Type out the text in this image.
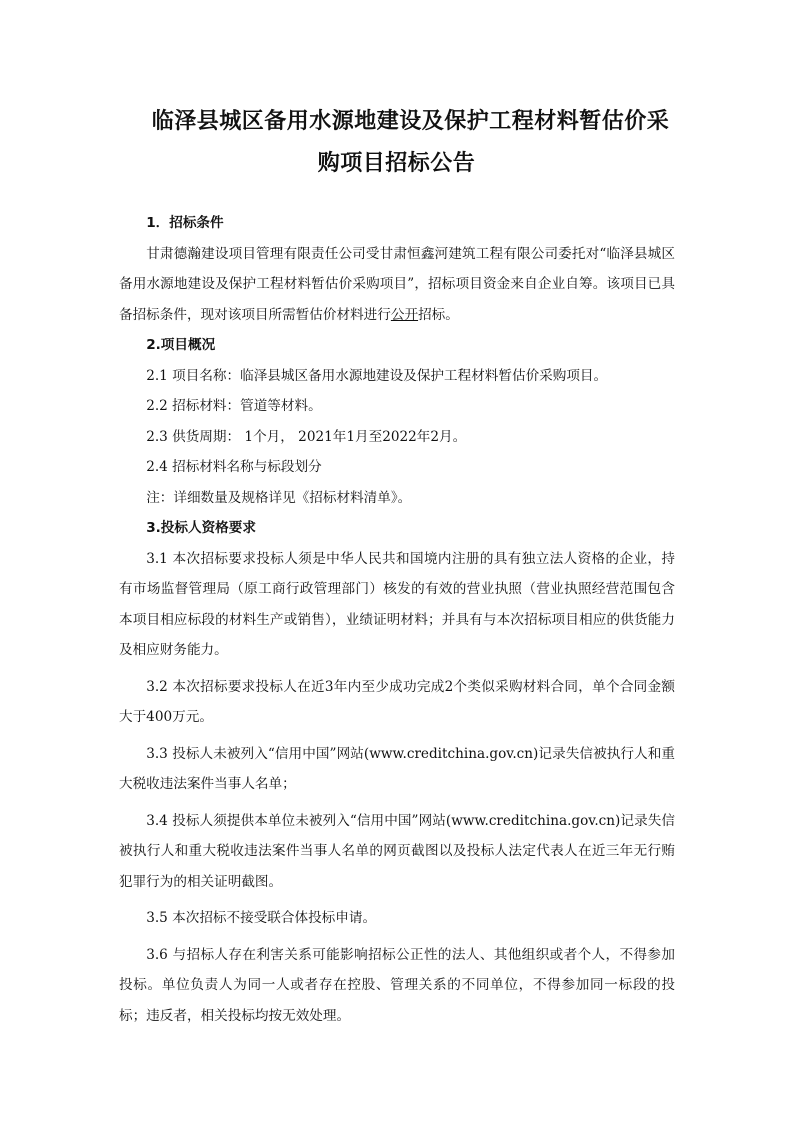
临泽县城区备用水源地建设及保护工程材料暂估价采
购项目招标公告

1．招标条件

甘肃德瀚建设项目管理有限责任公司受甘肃恒鑫河建筑工程有限公司委托对“临泽县城区备用水源地建设及保护工程材料暂估价采购项目”，招标项目资金来自企业自筹。该项目已具备招标条件，现对该项目所需暂估价材料进行公开招标。

2.项目概况

2.1 项目名称：临泽县城区备用水源地建设及保护工程材料暂估价采购项目。

2.2 招标材料：管道等材料。

2.3 供货周期： 1个月， 2021年1月至2022年2月。

2.4 招标材料名称与标段划分

注：详细数量及规格详见《招标材料清单》。

3.投标人资格要求

3.1 本次招标要求投标人须是中华人民共和国境内注册的具有独立法人资格的企业，持有市场监督管理局（原工商行政管理部门）核发的有效的营业执照（营业执照经营范围包含本项目相应标段的材料生产或销售），业绩证明材料；并具有与本次招标项目相应的供货能力及相应财务能力。

3.2 本次招标要求投标人在近3年内至少成功完成2个类似采购材料合同，单个合同金额大于400万元。

3.3 投标人未被列入“信用中国”网站(www.creditchina.gov.cn)记录失信被执行人和重大税收违法案件当事人名单；

3.4 投标人须提供本单位未被列入“信用中国”网站(www.creditchina.gov.cn)记录失信被执行人和重大税收违法案件当事人名单的网页截图以及投标人法定代表人在近三年无行贿犯罪行为的相关证明截图。

3.5 本次招标不接受联合体投标申请。

3.6 与招标人存在利害关系可能影响招标公正性的法人、其他组织或者个人，不得参加投标。单位负责人为同一人或者存在控股、管理关系的不同单位，不得参加同一标段的投标；违反者，相关投标均按无效处理。
